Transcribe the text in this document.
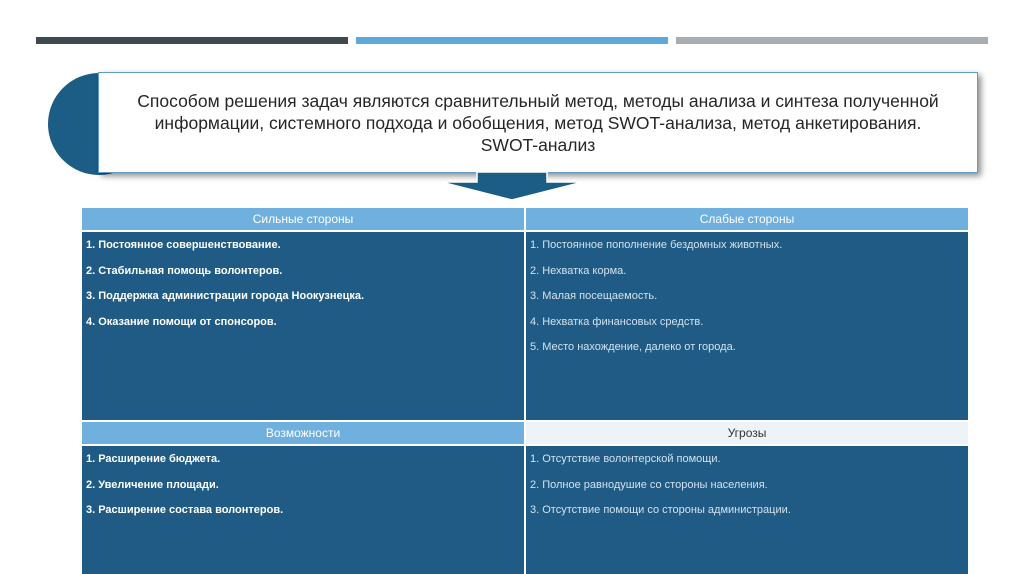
Способом решения задач являются сравнительный метод, методы анализа и синтеза полученной
информации, системного подхода и обобщения, метод SWOT-анализа, метод анкетирования.
SWOT-анализ
Сильные стороны	Слабые стороны
1. Постоянное совершенствование.
2. Стабильная помощь волонтеров.
3. Поддержка администрации города Ноокузнецка.
4. Оказание помощи от спонсоров.
1. Постоянное пополнение бездомных животных.
2. Нехватка корма.
3. Малая посещаемость.
4. Нехватка финансовых средств.
5. Место нахождение, далеко от города.
Возможности	Угрозы
1. Расширение бюджета.
2. Увеличение площади.
3. Расширение состава волонтеров.
1. Отсутствие волонтерской помощи.
2. Полное равнодушие со стороны населения.
3. Отсутствие помощи со стороны администрации.
